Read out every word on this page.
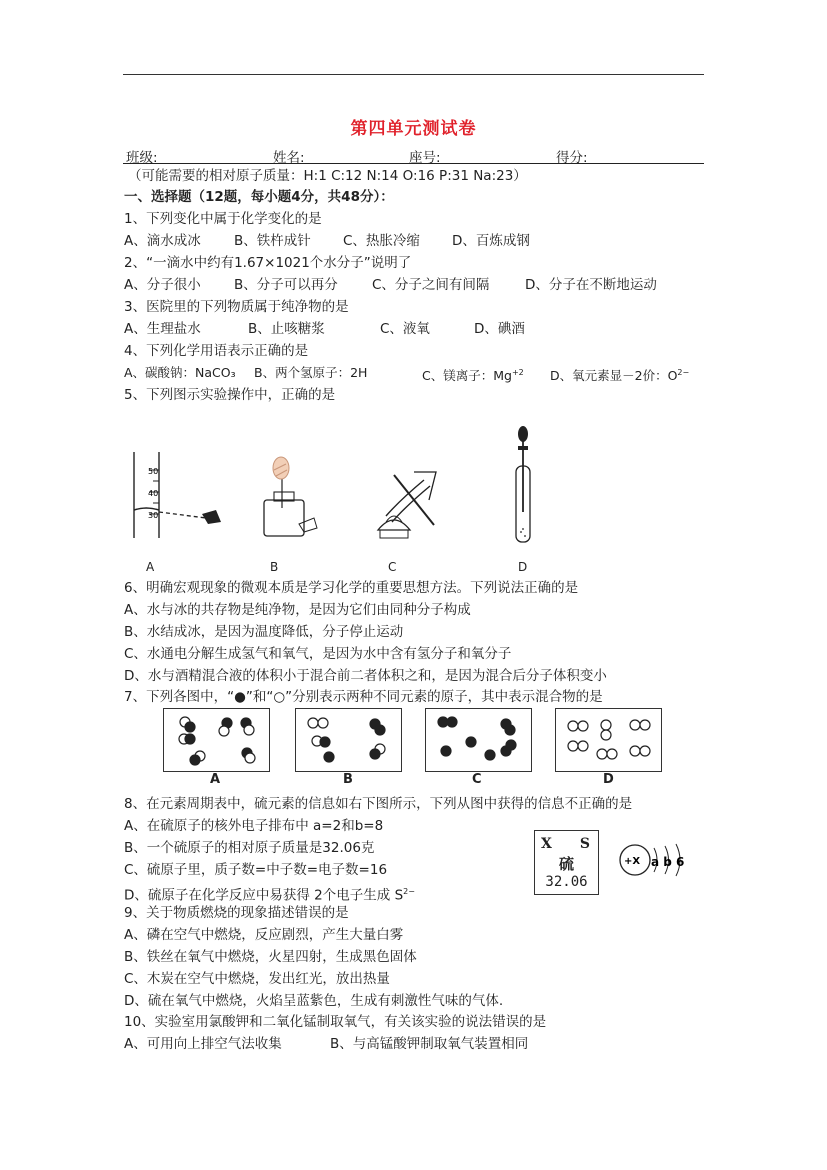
第四单元测试卷
班级:	姓名:	座号:	得分:
（可能需要的相对原子质量：H:1 C:12 N:14 O:16 P:31 Na:23）
一、选择题（12题，每小题4分，共48分）：
1、下列变化中属于化学变化的是
A、滴水成冰 B、铁杵成针 C、热胀冷缩 D、百炼成钢
2、“一滴水中约有1.67×1021个水分子”说明了
A、分子很小 B、分子可以再分	C、分子之间有间隔	D、分子在不断地运动
3、医院里的下列物质属于纯净物的是
A、生理盐水	B、止咳糖浆	C、液氧	D、碘酒
4、下列化学用语表示正确的是
A、碳酸钠：NaCO₃ B、两个氢原子：2H	C、镁离子：$Mg^{+2}$ D、氧元素显－2价：$O^{2-}$
5、下列图示实验操作中，正确的是
50
40
30
A	B	C	D
6、明确宏观现象的微观本质是学习化学的重要思想方法。下列说法正确的是
A、水与冰的共存物是纯净物，是因为它们由同种分子构成
B、水结成冰，是因为温度降低，分子停止运动
C、水通电分解生成氢气和氧气，是因为水中含有氢分子和氧分子
D、水与酒精混合液的体积小于混合前二者体积之和，是因为混合后分子体积变小
7、下列各图中，“●”和“○”分别表示两种不同元素的原子，其中表示混合物的是
A	B	C	D
8、在元素周期表中，硫元素的信息如右下图所示，下列从图中获得的信息不正确的是
A、在硫原子的核外电子排布中 a=2和b=8
B、一个硫原子的相对原子质量是32.06克
C、硫原子里，质子数=中子数=电子数=16
D、硫原子在化学反应中易获得 2个电子生成 $S^{2-}$
X S
硫
32.06
+X a b 6
9、关于物质燃烧的现象描述错误的是
A、磷在空气中燃烧，反应剧烈，产生大量白雾
B、铁丝在氧气中燃烧，火星四射，生成黑色固体
C、木炭在空气中燃烧，发出红光，放出热量
D、硫在氧气中燃烧，火焰呈蓝紫色，生成有刺激性气味的气体.
10、实验室用氯酸钾和二氧化锰制取氧气，有关该实验的说法错误的是
A、可用向上排空气法收集	B、与高锰酸钾制取氧气装置相同
